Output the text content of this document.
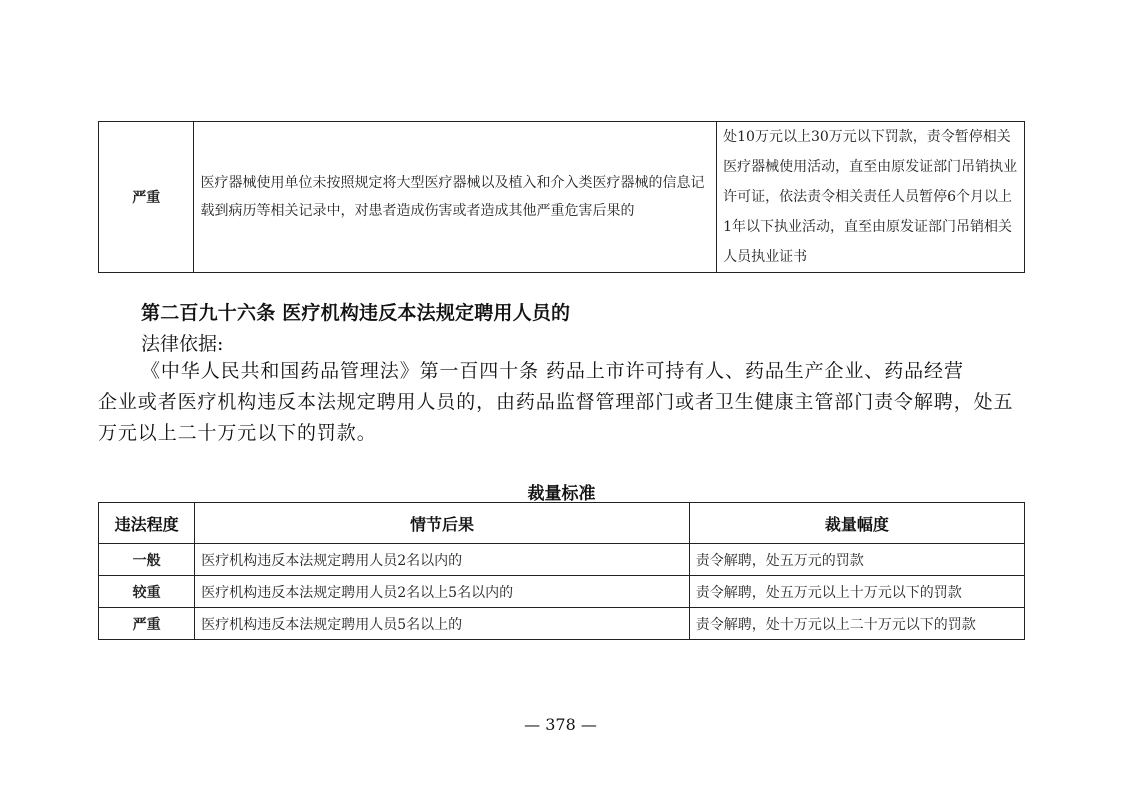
严重	医疗器械使用单位未按照规定将大型医疗器械以及植入和介入类医疗器械的信息记载到病历等相关记录中，对患者造成伤害或者造成其他严重危害后果的	处10万元以上30万元以下罚款，责令暂停相关医疗器械使用活动，直至由原发证部门吊销执业许可证，依法责令相关责任人员暂停6个月以上1年以下执业活动，直至由原发证部门吊销相关人员执业证书
第二百九十六条 医疗机构违反本法规定聘用人员的
法律依据:

《中华人民共和国药品管理法》第一百四十条 药品上市许可持有人、药品生产企业、药品经营

企业或者医疗机构违反本法规定聘用人员的，由药品监督管理部门或者卫生健康主管部门责令解聘，处五万元以上二十万元以下的罚款。

裁量标准
违法程度	情节后果	裁量幅度
一般	医疗机构违反本法规定聘用人员2名以内的	责令解聘，处五万元的罚款
较重	医疗机构违反本法规定聘用人员2名以上5名以内的	责令解聘，处五万元以上十万元以下的罚款
严重	医疗机构违反本法规定聘用人员5名以上的	责令解聘，处十万元以上二十万元以下的罚款
— 378 —
